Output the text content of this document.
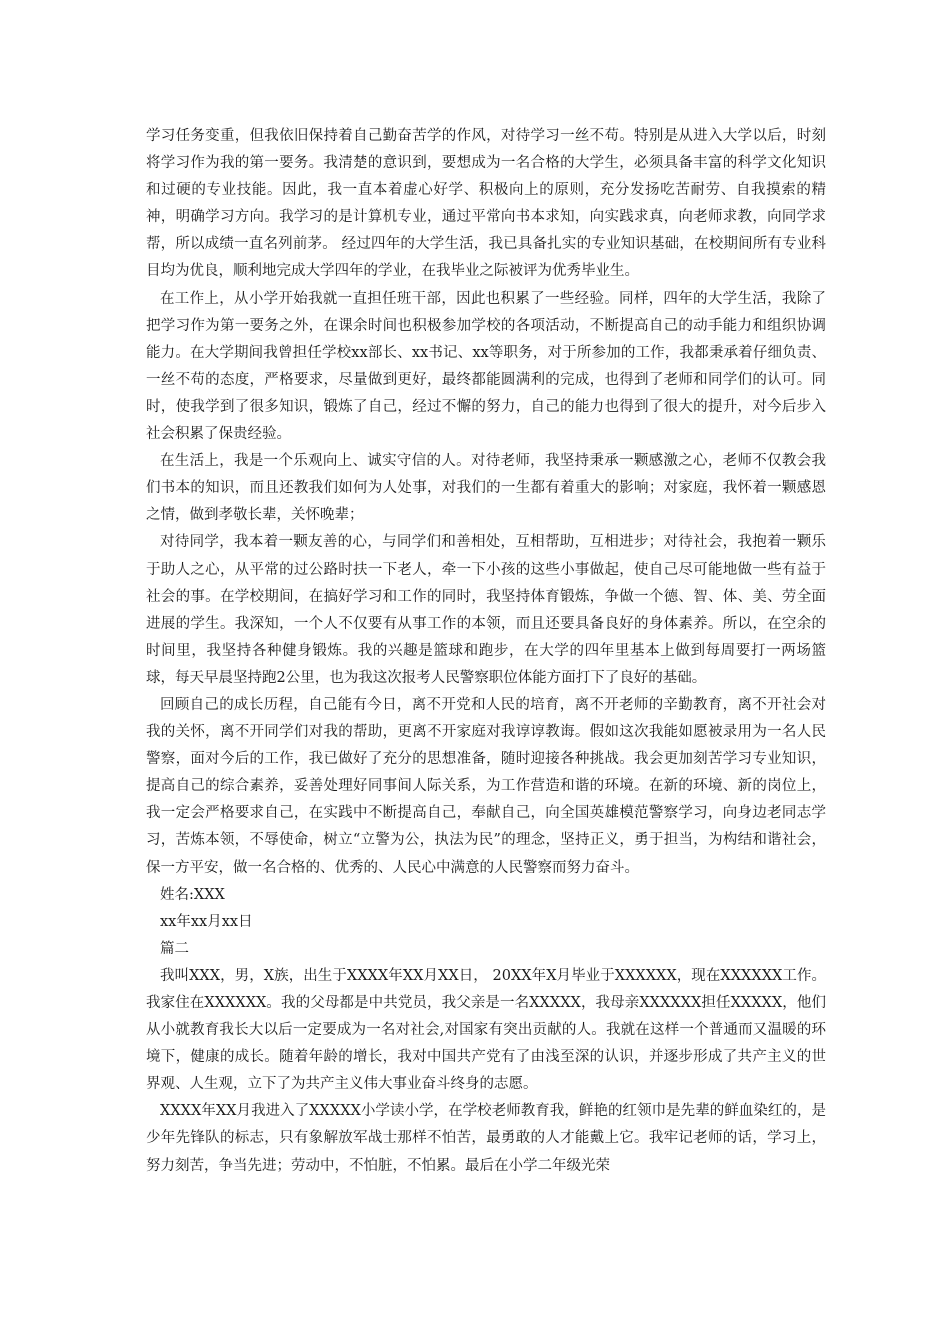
学习任务变重，但我依旧保持着自己勤奋苦学的作风，对待学习一丝不苟。特别是从进入大学以后，时刻将学习作为我的第一要务。我清楚的意识到，要想成为一名合格的大学生，必须具备丰富的科学文化知识和过硬的专业技能。因此，我一直本着虚心好学、积极向上的原则，充分发扬吃苦耐劳、自我摸索的精神，明确学习方向。我学习的是计算机专业，通过平常向书本求知，向实践求真，向老师求教，向同学求帮，所以成绩一直名列前茅。 经过四年的大学生活，我已具备扎实的专业知识基础，在校期间所有专业科目均为优良，顺利地完成大学四年的学业，在我毕业之际被评为优秀毕业生。

在工作上，从小学开始我就一直担任班干部，因此也积累了一些经验。同样，四年的大学生活，我除了把学习作为第一要务之外，在课余时间也积极参加学校的各项活动，不断提高自己的动手能力和组织协调能力。在大学期间我曾担任学校xx部长、xx书记、xx等职务，对于所参加的工作，我都秉承着仔细负责、一丝不苟的态度，严格要求，尽量做到更好，最终都能圆满利的完成，也得到了老师和同学们的认可。同时，使我学到了很多知识，锻炼了自己，经过不懈的努力，自己的能力也得到了很大的提升，对今后步入社会积累了保贵经验。

在生活上，我是一个乐观向上、诚实守信的人。对待老师，我坚持秉承一颗感激之心，老师不仅教会我们书本的知识，而且还教我们如何为人处事，对我们的一生都有着重大的影响；对家庭，我怀着一颗感恩之情，做到孝敬长辈，关怀晚辈；

对待同学，我本着一颗友善的心，与同学们和善相处，互相帮助，互相进步；对待社会，我抱着一颗乐于助人之心，从平常的过公路时扶一下老人，牵一下小孩的这些小事做起，使自己尽可能地做一些有益于社会的事。在学校期间，在搞好学习和工作的同时，我坚持体育锻炼，争做一个德、智、体、美、劳全面进展的学生。我深知，一个人不仅要有从事工作的本领，而且还要具备良好的身体素养。所以，在空余的时间里，我坚持各种健身锻炼。我的兴趣是篮球和跑步，在大学的四年里基本上做到每周要打一两场篮球，每天早晨坚持跑2公里，也为我这次报考人民警察职位体能方面打下了良好的基础。

回顾自己的成长历程，自己能有今日，离不开党和人民的培育，离不开老师的辛勤教育，离不开社会对我的关怀，离不开同学们对我的帮助，更离不开家庭对我谆谆教诲。假如这次我能如愿被录用为一名人民警察，面对今后的工作，我已做好了充分的思想准备，随时迎接各种挑战。我会更加刻苦学习专业知识，提高自己的综合素养，妥善处理好同事间人际关系，为工作营造和谐的环境。在新的环境、新的岗位上，我一定会严格要求自己，在实践中不断提高自己，奉献自己，向全国英雄模范警察学习，向身边老同志学习，苦炼本领，不辱使命，树立“立警为公，执法为民”的理念，坚持正义，勇于担当，为构结和谐社会，保一方平安，做一名合格的、优秀的、人民心中满意的人民警察而努力奋斗。

姓名:XXX

xx年xx月xx日

篇二

我叫XXX，男，X族，出生于XXXX年XX月XX日， 20XX年X月毕业于XXXXXX，现在XXXXXX工作。我家住在XXXXXX。我的父母都是中共党员，我父亲是一名XXXXX，我母亲XXXXXX担任XXXXX，他们从小就教育我长大以后一定要成为一名对社会,对国家有突出贡献的人。我就在这样一个普通而又温暖的环境下，健康的成长。随着年龄的增长，我对中国共产党有了由浅至深的认识，并逐步形成了共产主义的世界观、人生观，立下了为共产主义伟大事业奋斗终身的志愿。

XXXX年XX月我进入了XXXXX小学读小学，在学校老师教育我，鲜艳的红领巾是先辈的鲜血染红的，是少年先锋队的标志，只有象解放军战士那样不怕苦，最勇敢的人才能戴上它。我牢记老师的话，学习上，努力刻苦，争当先进；劳动中，不怕脏，不怕累。最后在小学二年级光荣
